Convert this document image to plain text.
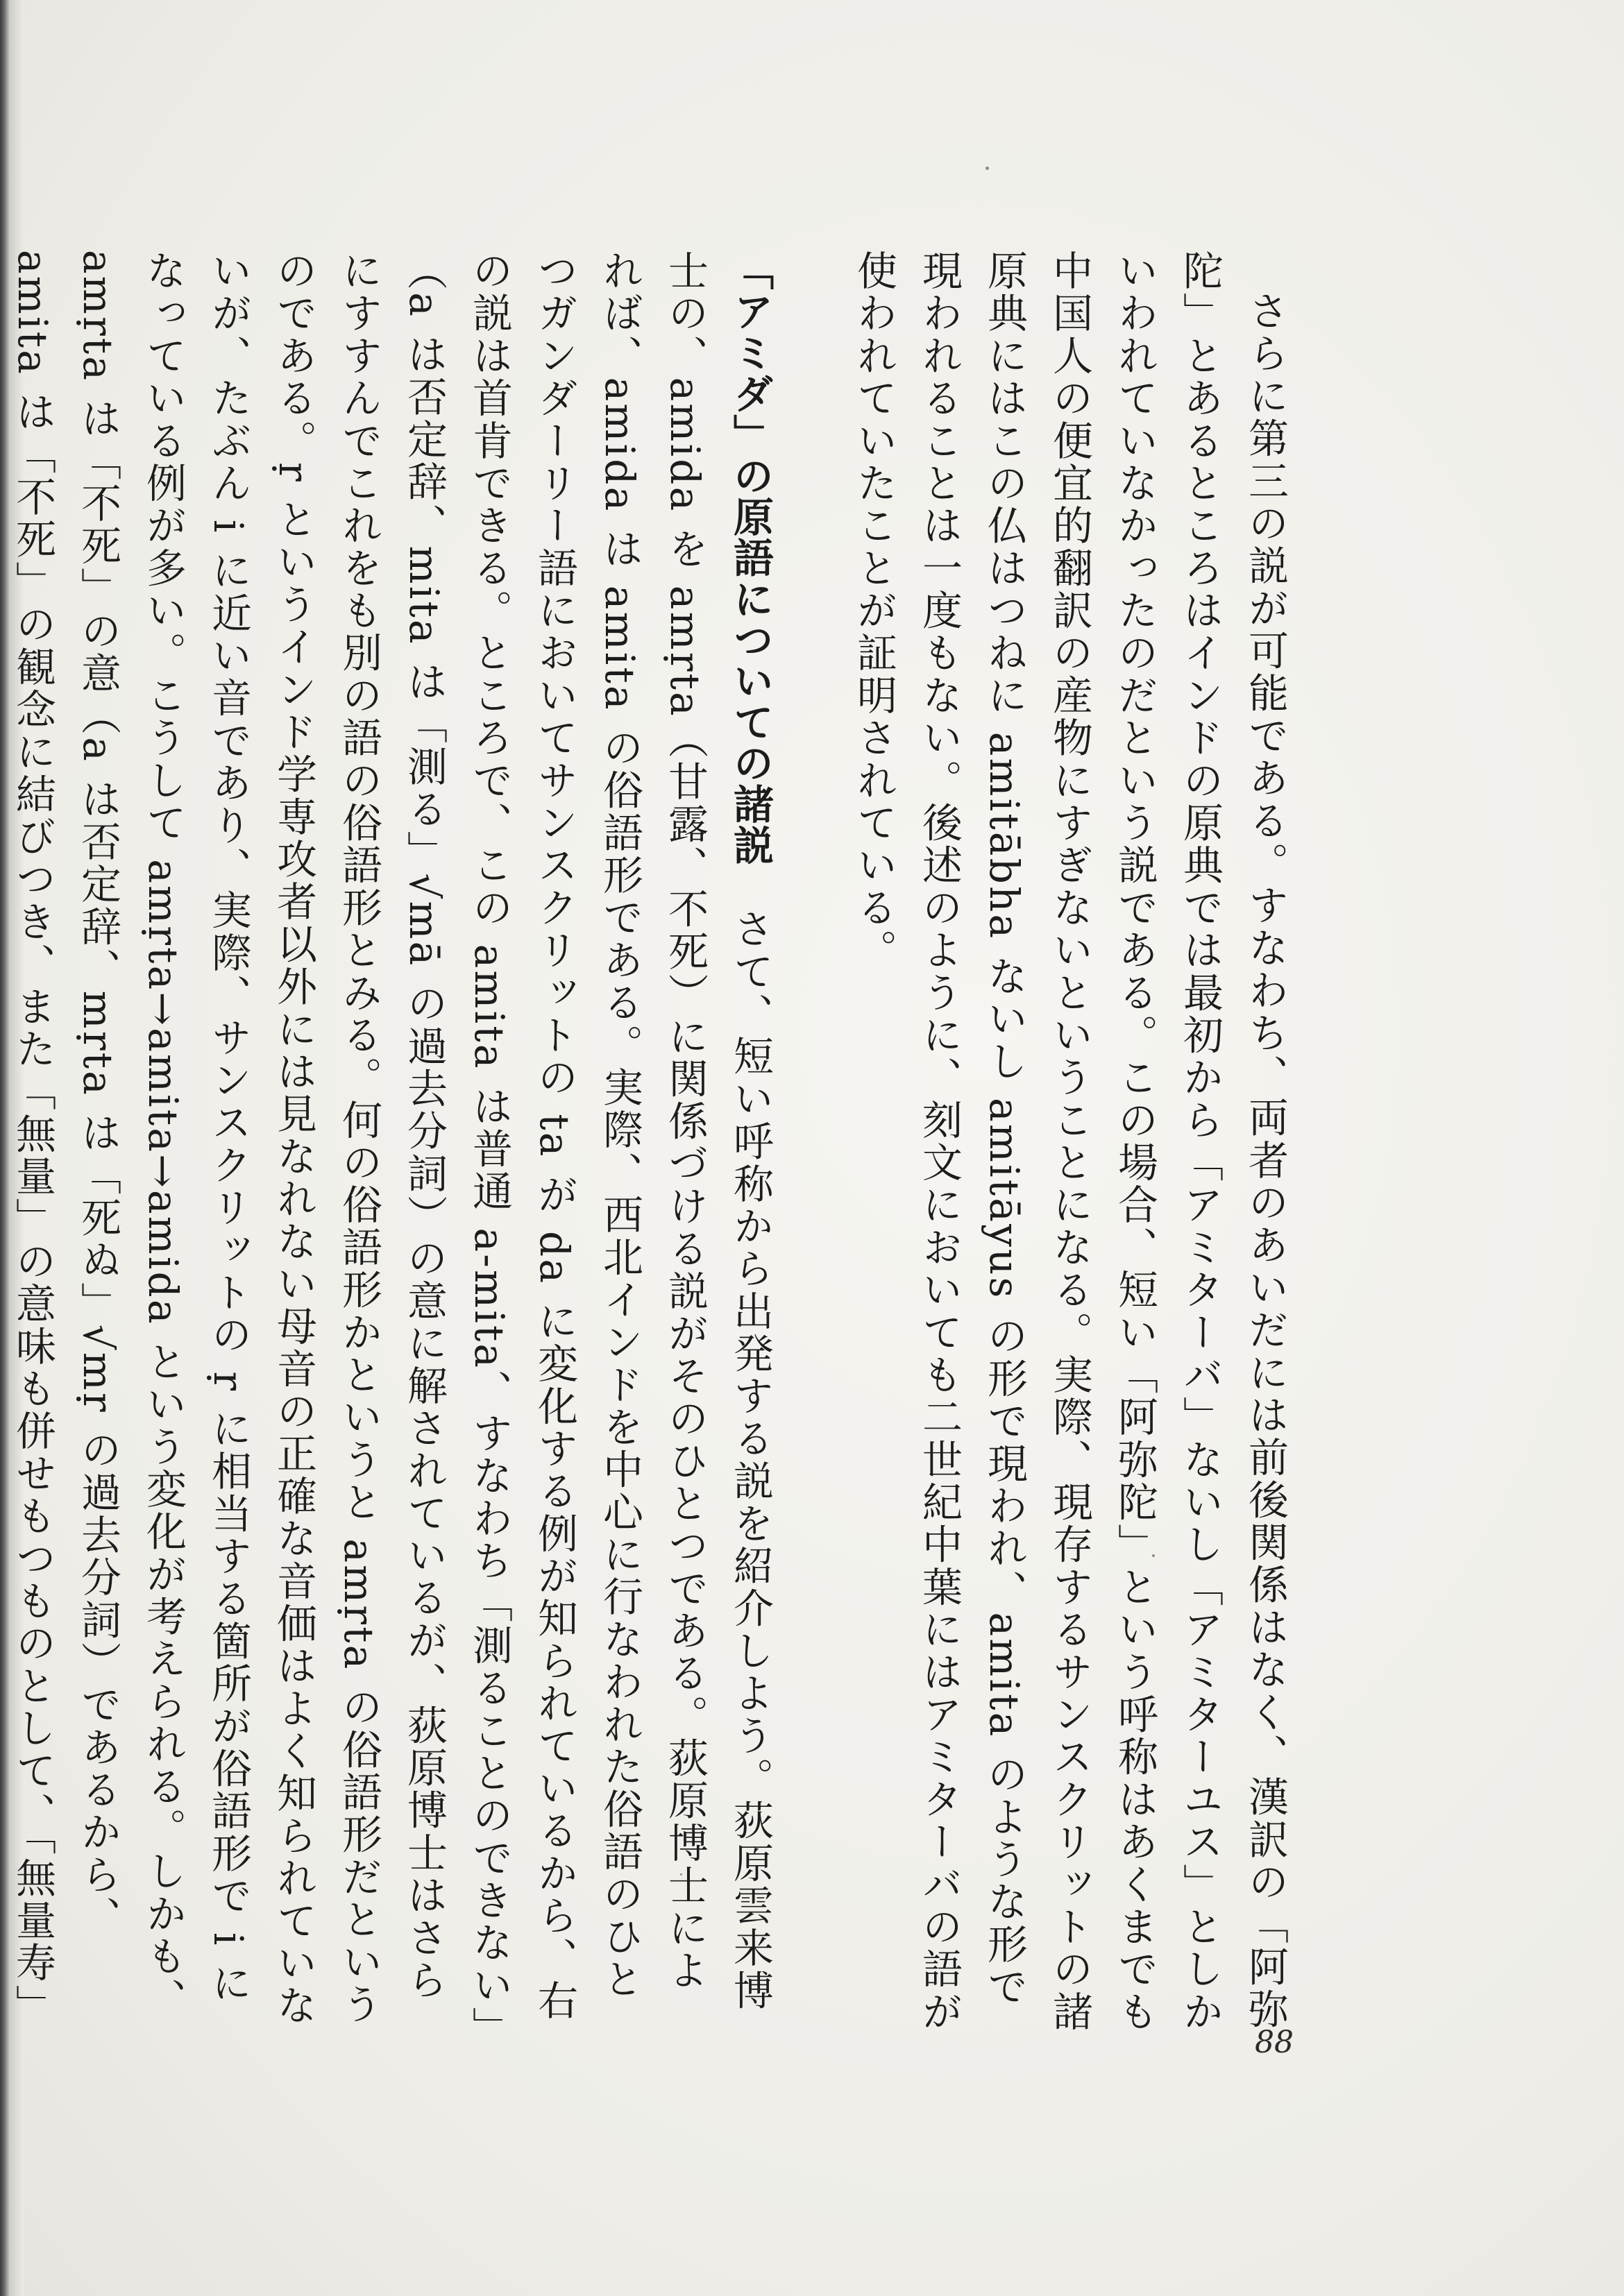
さらに第三の説が可能である。すなわち、両者のあいだには前後関係はなく、漢訳の「阿弥陀」とあるところはインドの原典では最初から「アミターバ」ないし「アミターユス」としかいわれていなかったのだという説である。この場合、短い「阿弥陀」という呼称はあくまでも中国人の便宜的翻訳の産物にすぎないということになる。実際、現存するサンスクリットの諸原典にはこの仏はつねに amitābha ないし amitāyus の形で現われ、amita のような形で現われることは一度もない。後述のように、刻文においても二世紀中葉にはアミターバの語が使われていたことが証明されている。

「アミダ」の原語についての諸説　さて、短い呼称から出発する説を紹介しよう。荻原雲来博士の、amida を amṛta（甘露、不死）に関係づける説がそのひとつである。荻原博士によれば、amida は amita の俗語形である。実際、西北インドを中心に行なわれた俗語のひとつガンダーリー語においてサンスクリットの ta が da に変化する例が知られているから、右の説は首肯できる。ところで、この amita は普通 a-mita、すなわち「測ることのできない」（a は否定辞、mita は「測る」√mā の過去分詞）の意に解されているが、荻原博士はさらにすすんでこれをも別の語の俗語形とみる。何の俗語形かというと amṛta の俗語形だというのである。ṛ というインド学専攻者以外には見なれない母音の正確な音価はよく知られていないが、たぶん i に近い音であり、実際、サンスクリットの ṛ に相当する箇所が俗語形で i になっている例が多い。こうして amṛta→amita→amida という変化が考えられる。しかも、amṛta は「不死」の意（a は否定辞、mṛta は「死ぬ」√mṛ の過去分詞）であるから、amita は「不死」の観念に結びつき、また「無量」の意味も併せもつものとして、「無量寿」

88
